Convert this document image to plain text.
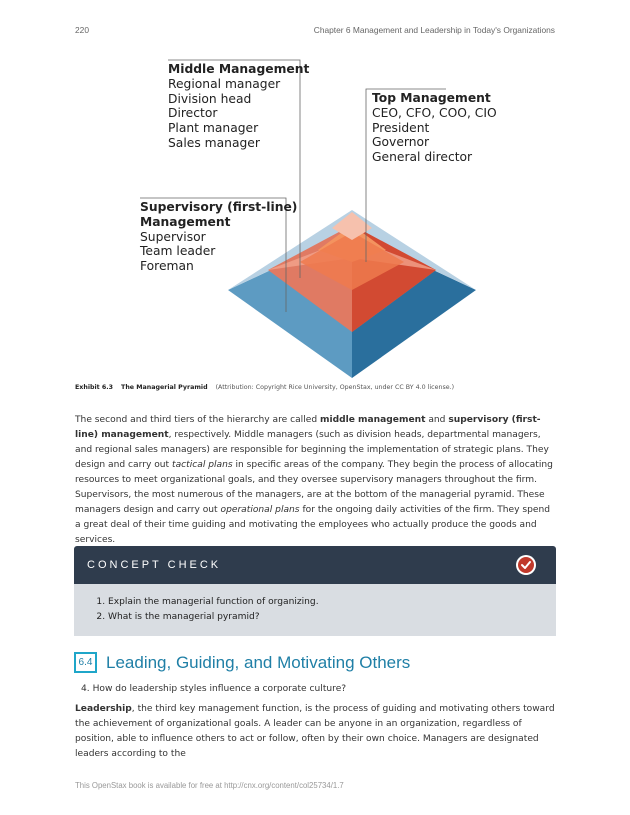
220	Chapter 6 Management and Leadership in Today's Organizations
Middle Management
Regional manager
Division head
Director
Plant manager
Sales manager
Top Management
CEO, CFO, COO, CIO
President
Governor
General director
Supervisory (first-line)
Management
Supervisor
Team leader
Foreman
Exhibit 6.3 The Managerial Pyramid (Attribution: Copyright Rice University, OpenStax, under CC BY 4.0 license.)

The second and third tiers of the hierarchy are called middle management and supervisory (first-line) management, respectively. Middle managers (such as division heads, departmental managers, and regional sales managers) are responsible for beginning the implementation of strategic plans. They design and carry out tactical plans in specific areas of the company. They begin the process of allocating resources to meet organizational goals, and they oversee supervisory managers throughout the firm. Supervisors, the most numerous of the managers, are at the bottom of the managerial pyramid. These managers design and carry out operational plans for the ongoing daily activities of the firm. They spend a great deal of their time guiding and motivating the employees who actually produce the goods and services.

CONCEPT CHECK
1. Explain the managerial function of organizing.
2. What is the managerial pyramid?
6.4 Leading, Guiding, and Motivating Others
4. How do leadership styles influence a corporate culture?

Leadership, the third key management function, is the process of guiding and motivating others toward the achievement of organizational goals. A leader can be anyone in an organization, regardless of position, able to influence others to act or follow, often by their own choice. Managers are designated leaders according to the

This OpenStax book is available for free at http://cnx.org/content/col25734/1.7
